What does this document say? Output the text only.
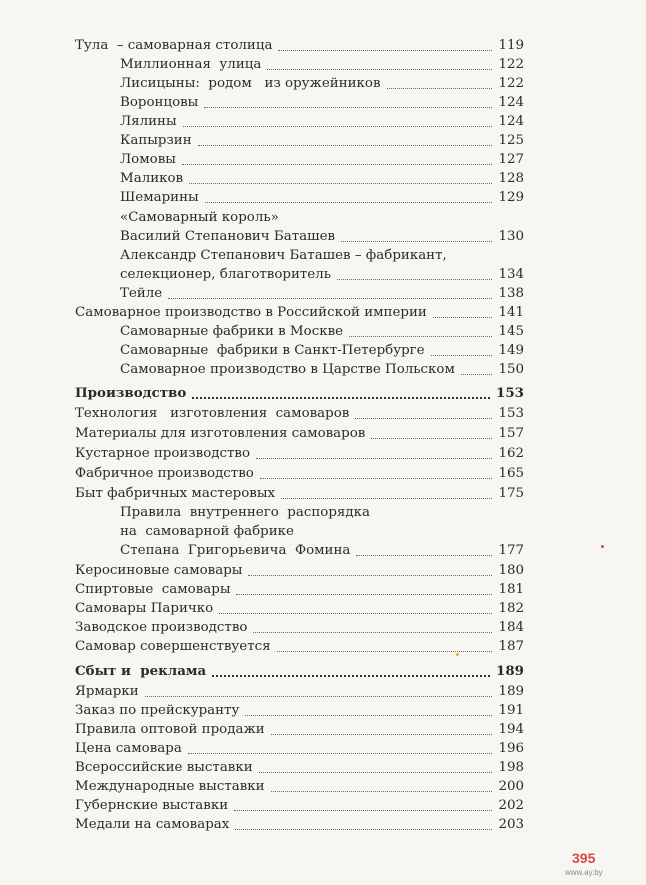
Тула  – самоварная столица	119
Миллионная  улица	122
Лисицыны:  родом   из оружейников	122
Воронцовы	124
Лялины	124
Капырзин	125
Ломовы	127
Маликов	128
Шемарины	129
«Самоварный король»
Василий Степанович Баташев	130
Александр Степанович Баташев – фабрикант,
селекционер, благотворитель	134
Тейле	138
Самоварное производство в Российской империи	141
Самоварные фабрики в Москве	145
Самоварные  фабрики в Санкт-Петербурге	149
Самоварное производство в Царстве Польском	150
Производство	153
Технология   изготовления  самоваров	153
Материалы для изготовления самоваров	157
Кустарное производство	162
Фабричное производство	165
Быт фабричных мастеровых	175
Правила  внутреннего  распорядка
на  самоварной фабрике
Степана  Григорьевича  Фомина	177
Керосиновые самовары	180
Спиртовые  самовары	181
Самовары Паричко	182
Заводское производство	184
Самовар совершенствуется	187
Сбыт и  реклама	189
Ярмарки	189
Заказ по прейскуранту	191
Правила оптовой продажи	194
Цена самовара	196
Всероссийские выставки	198
Международные выставки	200
Губернские выставки	202
Медали на самоварах	203
395
www.ay.by
